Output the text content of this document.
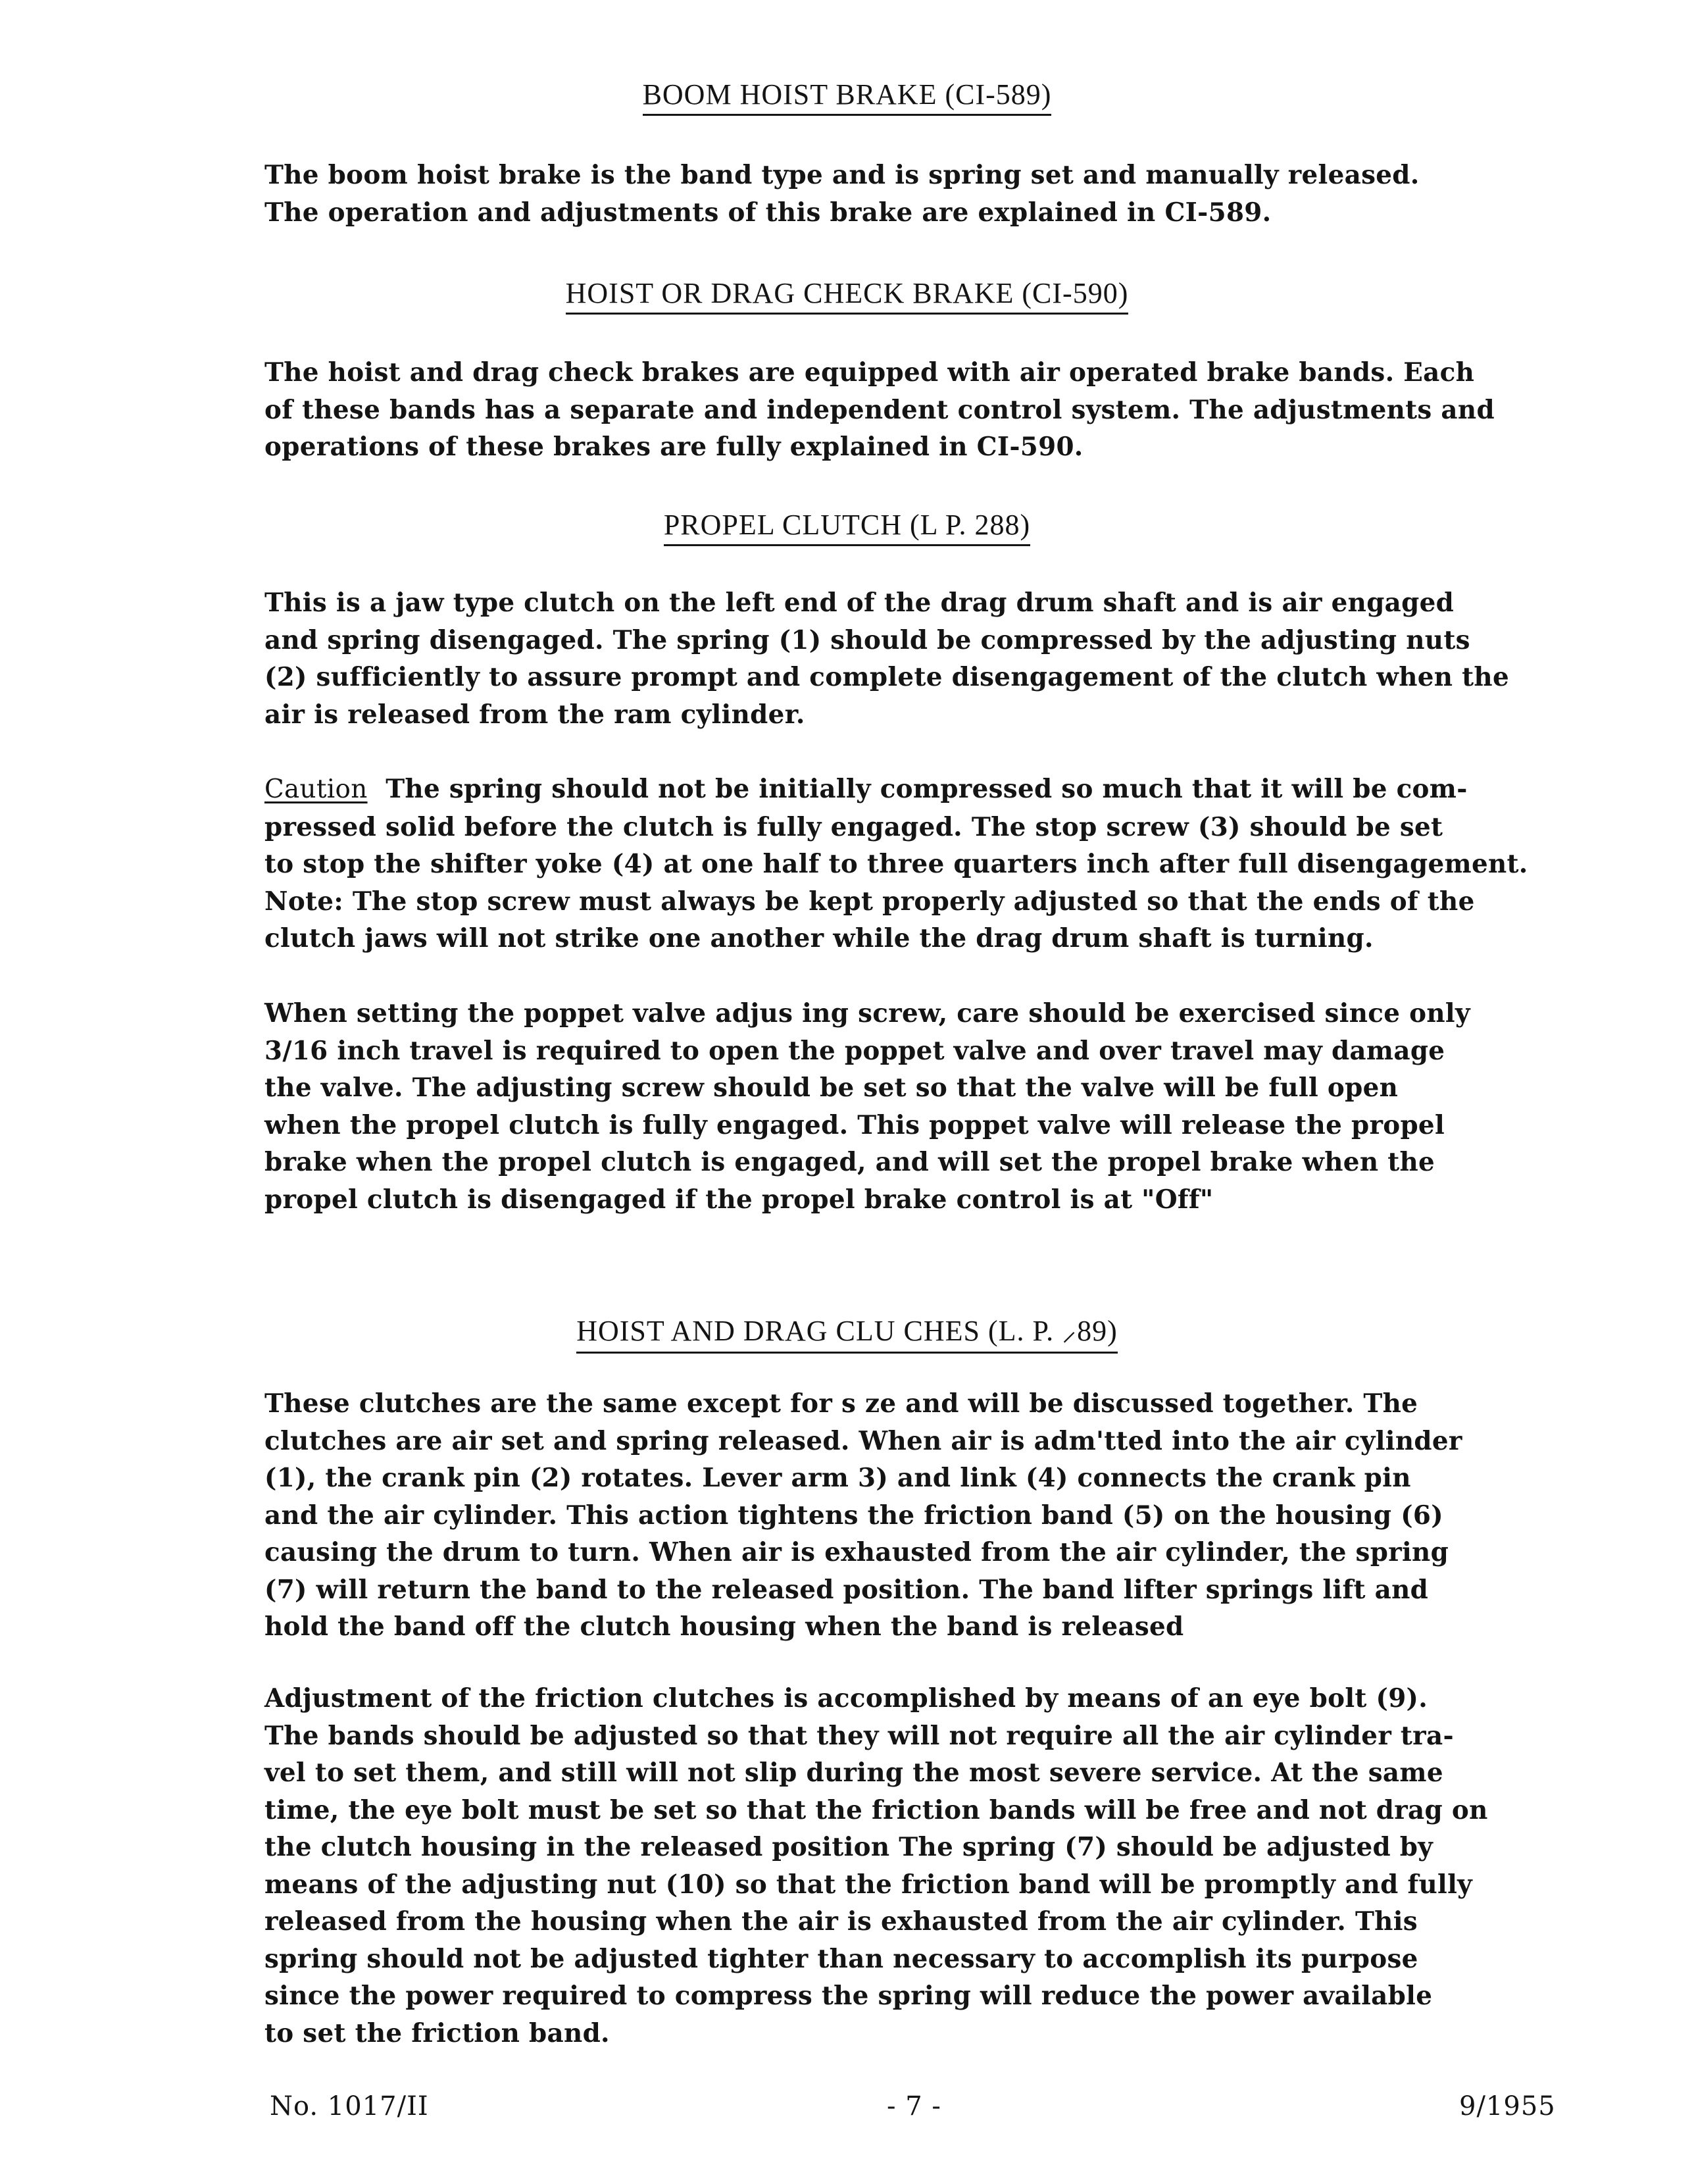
BOOM HOIST BRAKE (CI-589)

The boom hoist brake is the band type and is spring set and manually released.
The operation and adjustments of this brake are explained in CI-589.

HOIST OR DRAG CHECK BRAKE (CI-590)

The hoist and drag check brakes are equipped with air operated brake bands. Each
of these bands has a separate and independent control system. The adjustments and
operations of these brakes are fully explained in CI-590.

PROPEL CLUTCH (L P. 288)

This is a jaw type clutch on the left end of the drag drum shaft and is air engaged
and spring disengaged. The spring (1) should be compressed by the adjusting nuts
(2) sufficiently to assure prompt and complete disengagement of the clutch when the
air is released from the ram cylinder.

Caution  The spring should not be initially compressed so much that it will be com-
pressed solid before the clutch is fully engaged. The stop screw (3) should be set
to stop the shifter yoke (4) at one half to three quarters inch after full disengagement.
Note: The stop screw must always be kept properly adjusted so that the ends of the
clutch jaws will not strike one another while the drag drum shaft is turning.

When setting the poppet valve adjus ing screw, care should be exercised since only
3/16 inch travel is required to open the poppet valve and over travel may damage
the valve. The adjusting screw should be set so that the valve will be full open
when the propel clutch is fully engaged. This poppet valve will release the propel
brake when the propel clutch is engaged, and will set the propel brake when the
propel clutch is disengaged if the propel brake control is at "Off"

HOIST AND DRAG CLU CHES (L. P. ⸝89)

These clutches are the same except for s ze and will be discussed together. The
clutches are air set and spring released. When air is adm'tted into the air cylinder
(1), the crank pin (2) rotates. Lever arm 3) and link (4) connects the crank pin
and the air cylinder. This action tightens the friction band (5) on the housing (6)
causing the drum to turn. When air is exhausted from the air cylinder, the spring
(7) will return the band to the released position. The band lifter springs lift and
hold the band off the clutch housing when the band is released

Adjustment of the friction clutches is accomplished by means of an eye bolt (9).
The bands should be adjusted so that they will not require all the air cylinder tra-
vel to set them, and still will not slip during the most severe service. At the same
time, the eye bolt must be set so that the friction bands will be free and not drag on
the clutch housing in the released position The spring (7) should be adjusted by
means of the adjusting nut (10) so that the friction band will be promptly and fully
released from the housing when the air is exhausted from the air cylinder. This
spring should not be adjusted tighter than necessary to accomplish its purpose
since the power required to compress the spring will reduce the power available
to set the friction band.

No. 1017/II	- 7 -	9/1955
